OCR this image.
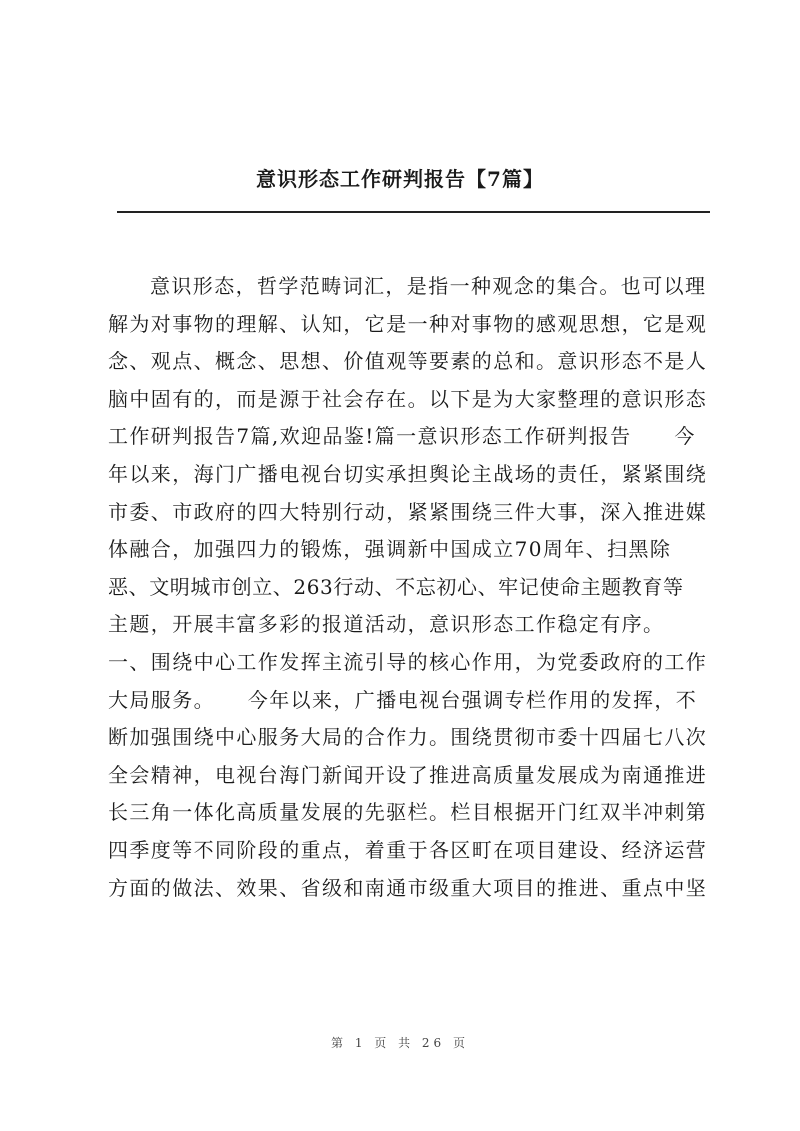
意识形态工作研判报告【7篇】
意识形态，哲学范畴词汇，是指一种观念的集合。也可以理
解为对事物的理解、认知，它是一种对事物的感观思想，它是观
念、观点、概念、思想、价值观等要素的总和。意识形态不是人
脑中固有的，而是源于社会存在。以下是为大家整理的意识形态
工作研判报告7篇,欢迎品鉴!篇一意识形态工作研判报告　　今
年以来，海门广播电视台切实承担舆论主战场的责任，紧紧围绕
市委、市政府的四大特别行动，紧紧围绕三件大事，深入推进媒
体融合，加强四力的锻炼，强调新中国成立70周年、扫黑除
恶、文明城市创立、263行动、不忘初心、牢记使命主题教育等
主题，开展丰富多彩的报道活动，意识形态工作稳定有序。
一、围绕中心工作发挥主流引导的核心作用，为党委政府的工作
大局服务。　　今年以来，广播电视台强调专栏作用的发挥，不
断加强围绕中心服务大局的合作力。围绕贯彻市委十四届七八次
全会精神，电视台海门新闻开设了推进高质量发展成为南通推进
长三角一体化高质量发展的先驱栏。栏目根据开门红双半冲刺第
四季度等不同阶段的重点，着重于各区町在项目建设、经济运营
方面的做法、效果、省级和南通市级重大项目的推进、重点中坚
第 1 页 共 26 页
